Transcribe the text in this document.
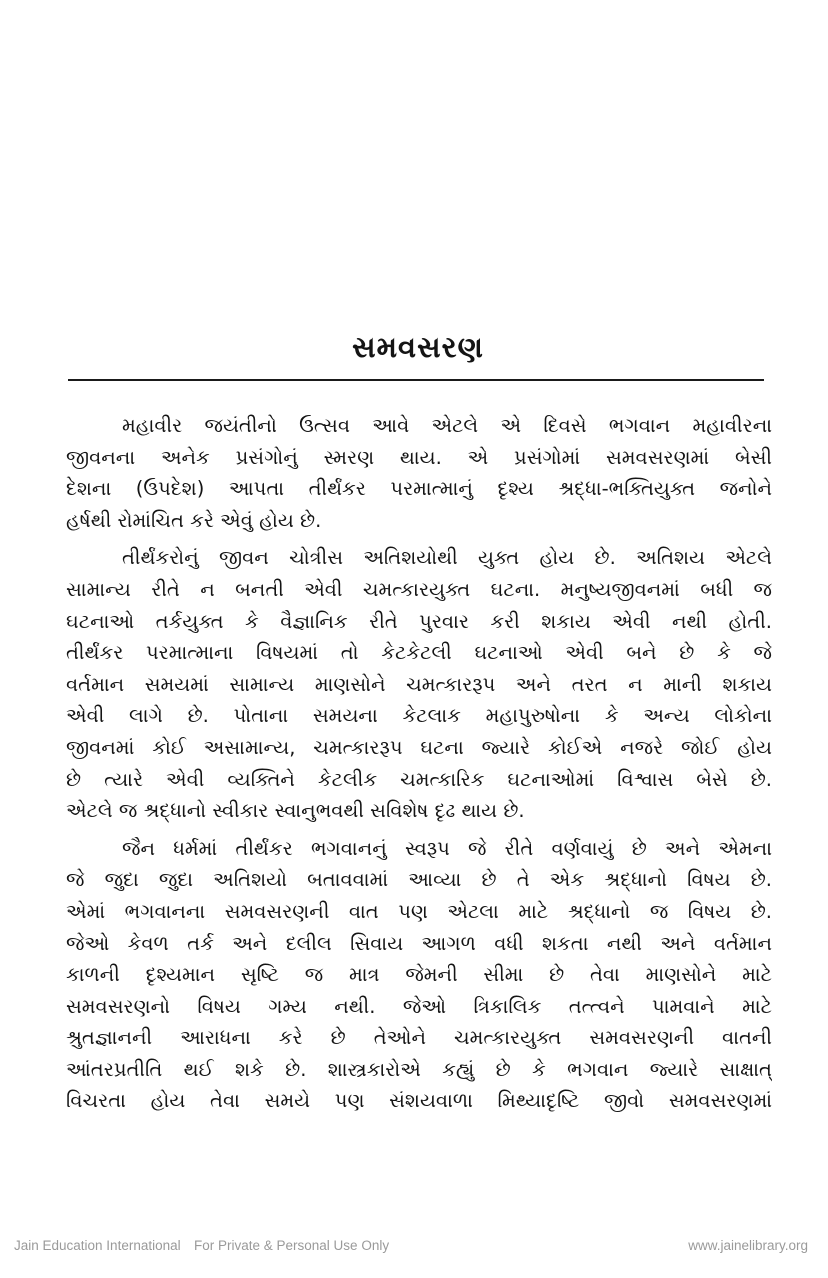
સમવસરણ
મહાવીર જયંતીનો ઉત્સવ આવે એટલે એ દિવસે ભગવાન મહાવીરના
જીવનના અનેક પ્રસંગોનું સ્મરણ થાય. એ પ્રસંગોમાં સમવસરણમાં બેસી
દેશના (ઉપદેશ) આપતા તીર્થંકર પરમાત્માનું દૃશ્ય શ્રદ્ધા-ભક્તિયુક્ત જનોને
હર્ષથી રોમાંચિત કરે એવું હોય છે.
તીર્થંકરોનું જીવન ચોત્રીસ અતિશયોથી યુક્ત હોય છે. અતિશય એટલે
સામાન્ય રીતે ન બનતી એવી ચમત્કારયુક્ત ઘટના. મનુષ્યજીવનમાં બધી જ
ઘટનાઓ તર્કયુક્ત કે વૈજ્ઞાનિક રીતે પુરવાર કરી શકાય એવી નથી હોતી.
તીર્થંકર પરમાત્માના વિષયમાં તો કેટકેટલી ઘટનાઓ એવી બને છે કે જે
વર્તમાન સમયમાં સામાન્ય માણસોને ચમત્કારરૂપ અને તરત ન માની શકાય
એવી લાગે છે. પોતાના સમયના કેટલાક મહાપુરુષોના કે અન્ય લોકોના
જીવનમાં કોઈ અસામાન્ય, ચમત્કારરૂપ ઘટના જ્યારે કોઈએ નજરે જોઈ હોય
છે ત્યારે એવી વ્યક્તિને કેટલીક ચમત્કારિક ઘટનાઓમાં વિશ્વાસ બેસે છે.
એટલે જ શ્રદ્ધાનો સ્વીકાર સ્વાનુભવથી સવિશેષ દૃઢ થાય છે.
જૈન ધર્મમાં તીર્થંકર ભગવાનનું સ્વરૂપ જે રીતે વર્ણવાયું છે અને એમના
જે જુદા જુદા અતિશયો બતાવવામાં આવ્યા છે તે એક શ્રદ્ધાનો વિષય છે.
એમાં ભગવાનના સમવસરણની વાત પણ એટલા માટે શ્રદ્ધાનો જ વિષય છે.
જેઓ કેવળ તર્ક અને દલીલ સિવાય આગળ વધી શકતા નથી અને વર્તમાન
કાળની દૃશ્યમાન સૃષ્ટિ જ માત્ર જેમની સીમા છે તેવા માણસોને માટે
સમવસરણનો વિષય ગમ્ય નથી. જેઓ ત્રિકાલિક તત્ત્વને પામવાને માટે
શ્રુતજ્ઞાનની આરાધના કરે છે તેઓને ચમત્કારયુક્ત સમવસરણની વાતની
આંતરપ્રતીતિ થઈ શકે છે. શાસ્ત્રકારોએ કહ્યું છે કે ભગવાન જ્યારે સાક્ષાત્
વિચરતા હોય તેવા સમયે પણ સંશયવાળા મિથ્યાદૃષ્ટિ જીવો સમવસરણમાં
Jain Education International For Private & Personal Use Only	www.jainelibrary.org
